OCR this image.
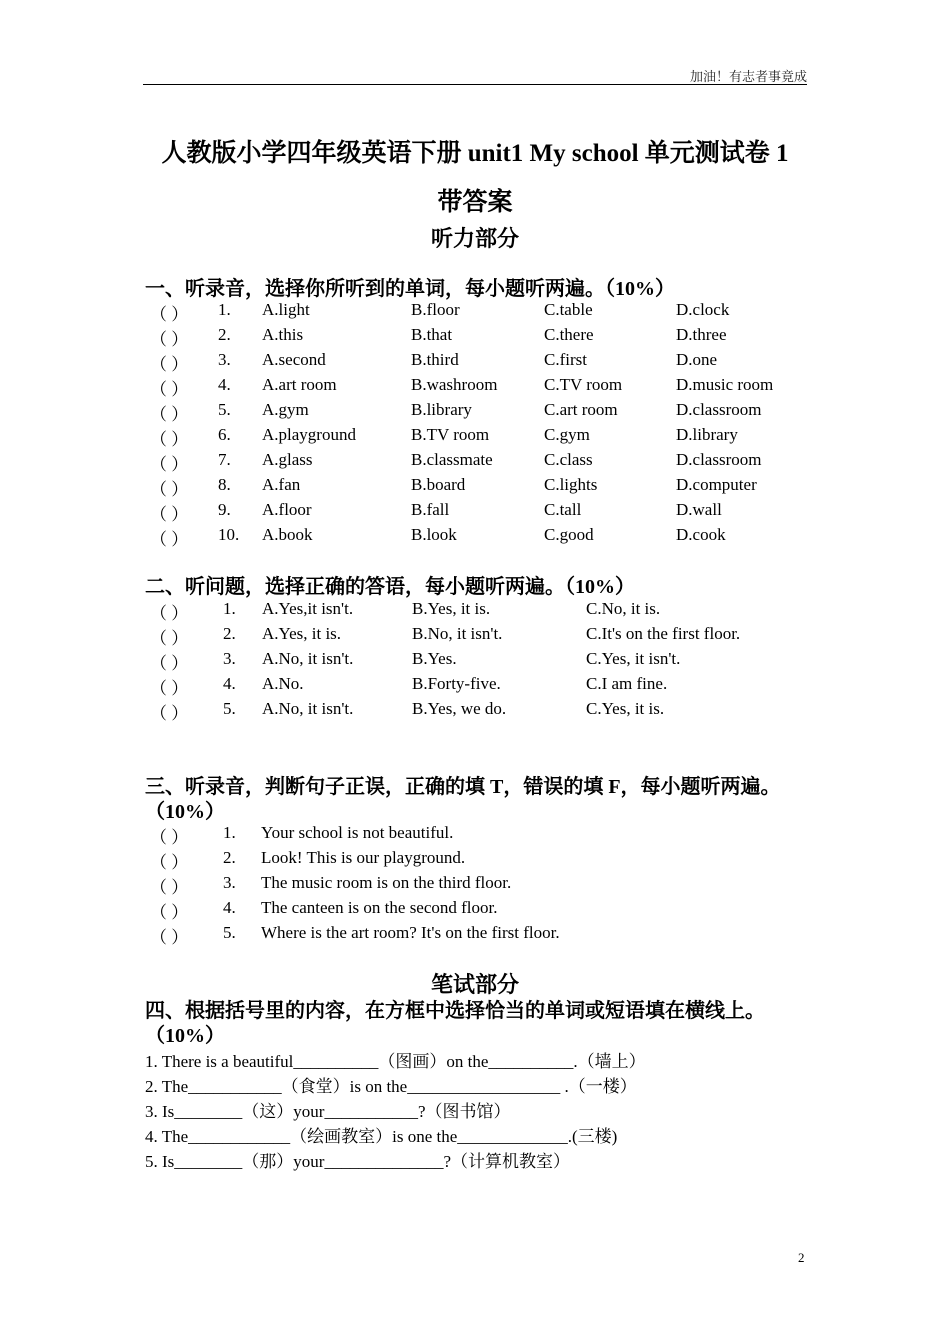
加油！有志者事竟成
人教版小学四年级英语下册 unit1 My school 单元测试卷 1
带答案
听力部分
一、听录音，选择你所听到的单词，每小题听两遍。（10%）
（ ） 1. A.light	B.floor	C.table	D.clock
（ ） 2. A.this	B.that	C.there	D.three
（ ） 3. A.second	B.third	C.first	D.one
（ ） 4. A.art room	B.washroom	C.TV room	D.music room
（ ） 5. A.gym	B.library	C.art room	D.classroom
（ ） 6. A.playground	B.TV room	C.gym	D.library
（ ） 7. A.glass	B.classmate	C.class	D.classroom
（ ） 8. A.fan	B.board	C.lights	D.computer
（ ） 9. A.floor	B.fall	C.tall	D.wall
（ ） 10. A.book	B.look	C.good	D.cook
二、听问题，选择正确的答语，每小题听两遍。（10%）
（ ） 1. A.Yes,it isn't.	B.Yes, it is.	C.No, it is.
（ ） 2. A.Yes, it is.	B.No, it isn't.	C.It's on the first floor.
（ ） 3. A.No, it isn't.	B.Yes.	C.Yes, it isn't.
（ ） 4. A.No.	B.Forty-five.	C.I am fine.
（ ） 5. A.No, it isn't.	B.Yes, we do.	C.Yes, it is.
三、听录音，判断句子正误，正确的填 T，错误的填 F，每小题听两遍。
（10%）
（ ） 1. Your school is not beautiful.
（ ） 2. Look! This is our playground.
（ ） 3. The music room is on the third floor.
（ ） 4. The canteen is on the second floor.
（ ） 5. Where is the art room? It's on the first floor.
笔试部分
四、根据括号里的内容，在方框中选择恰当的单词或短语填在横线上。
（10%）
1. There is a beautiful__________（图画）on the__________.（墙上）
2. The___________（食堂）is on the__________________ .（一楼）
3. Is________（这）your___________?（图书馆）
4. The____________（绘画教室）is one the_____________.(三楼)
5. Is________（那）your______________?（计算机教室）
2
